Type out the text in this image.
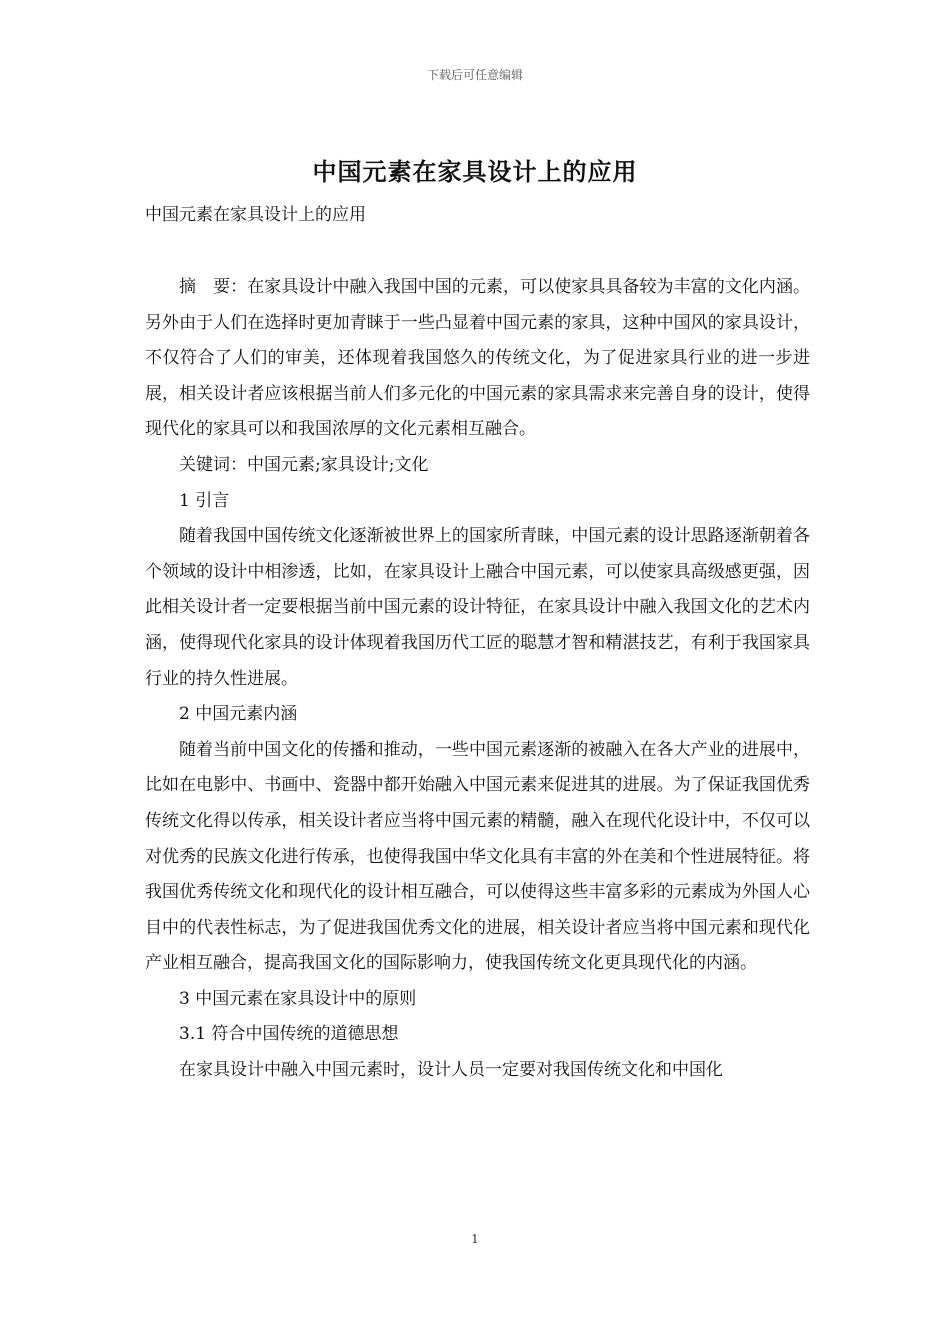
下载后可任意编辑
中国元素在家具设计上的应用
中国元素在家具设计上的应用

摘　要：在家具设计中融入我国中国的元素，可以使家具具备较为丰富的文化内涵。另外由于人们在选择时更加青睐于一些凸显着中国元素的家具，这种中国风的家具设计，不仅符合了人们的审美，还体现着我国悠久的传统文化，为了促进家具行业的进一步进展，相关设计者应该根据当前人们多元化的中国元素的家具需求来完善自身的设计，使得现代化的家具可以和我国浓厚的文化元素相互融合。

关键词：中国元素;家具设计;文化

1 引言

随着我国中国传统文化逐渐被世界上的国家所青睐，中国元素的设计思路逐渐朝着各个领域的设计中相渗透，比如，在家具设计上融合中国元素，可以使家具高级感更强，因此相关设计者一定要根据当前中国元素的设计特征，在家具设计中融入我国文化的艺术内涵，使得现代化家具的设计体现着我国历代工匠的聪慧才智和精湛技艺，有利于我国家具行业的持久性进展。

2 中国元素内涵

随着当前中国文化的传播和推动，一些中国元素逐渐的被融入在各大产业的进展中，比如在电影中、书画中、瓷器中都开始融入中国元素来促进其的进展。为了保证我国优秀传统文化得以传承，相关设计者应当将中国元素的精髓，融入在现代化设计中，不仅可以对优秀的民族文化进行传承，也使得我国中华文化具有丰富的外在美和个性进展特征。将我国优秀传统文化和现代化的设计相互融合，可以使得这些丰富多彩的元素成为外国人心目中的代表性标志，为了促进我国优秀文化的进展，相关设计者应当将中国元素和现代化产业相互融合，提高我国文化的国际影响力，使我国传统文化更具现代化的内涵。

3 中国元素在家具设计中的原则

3.1 符合中国传统的道德思想

在家具设计中融入中国元素时，设计人员一定要对我国传统文化和中国化

1
